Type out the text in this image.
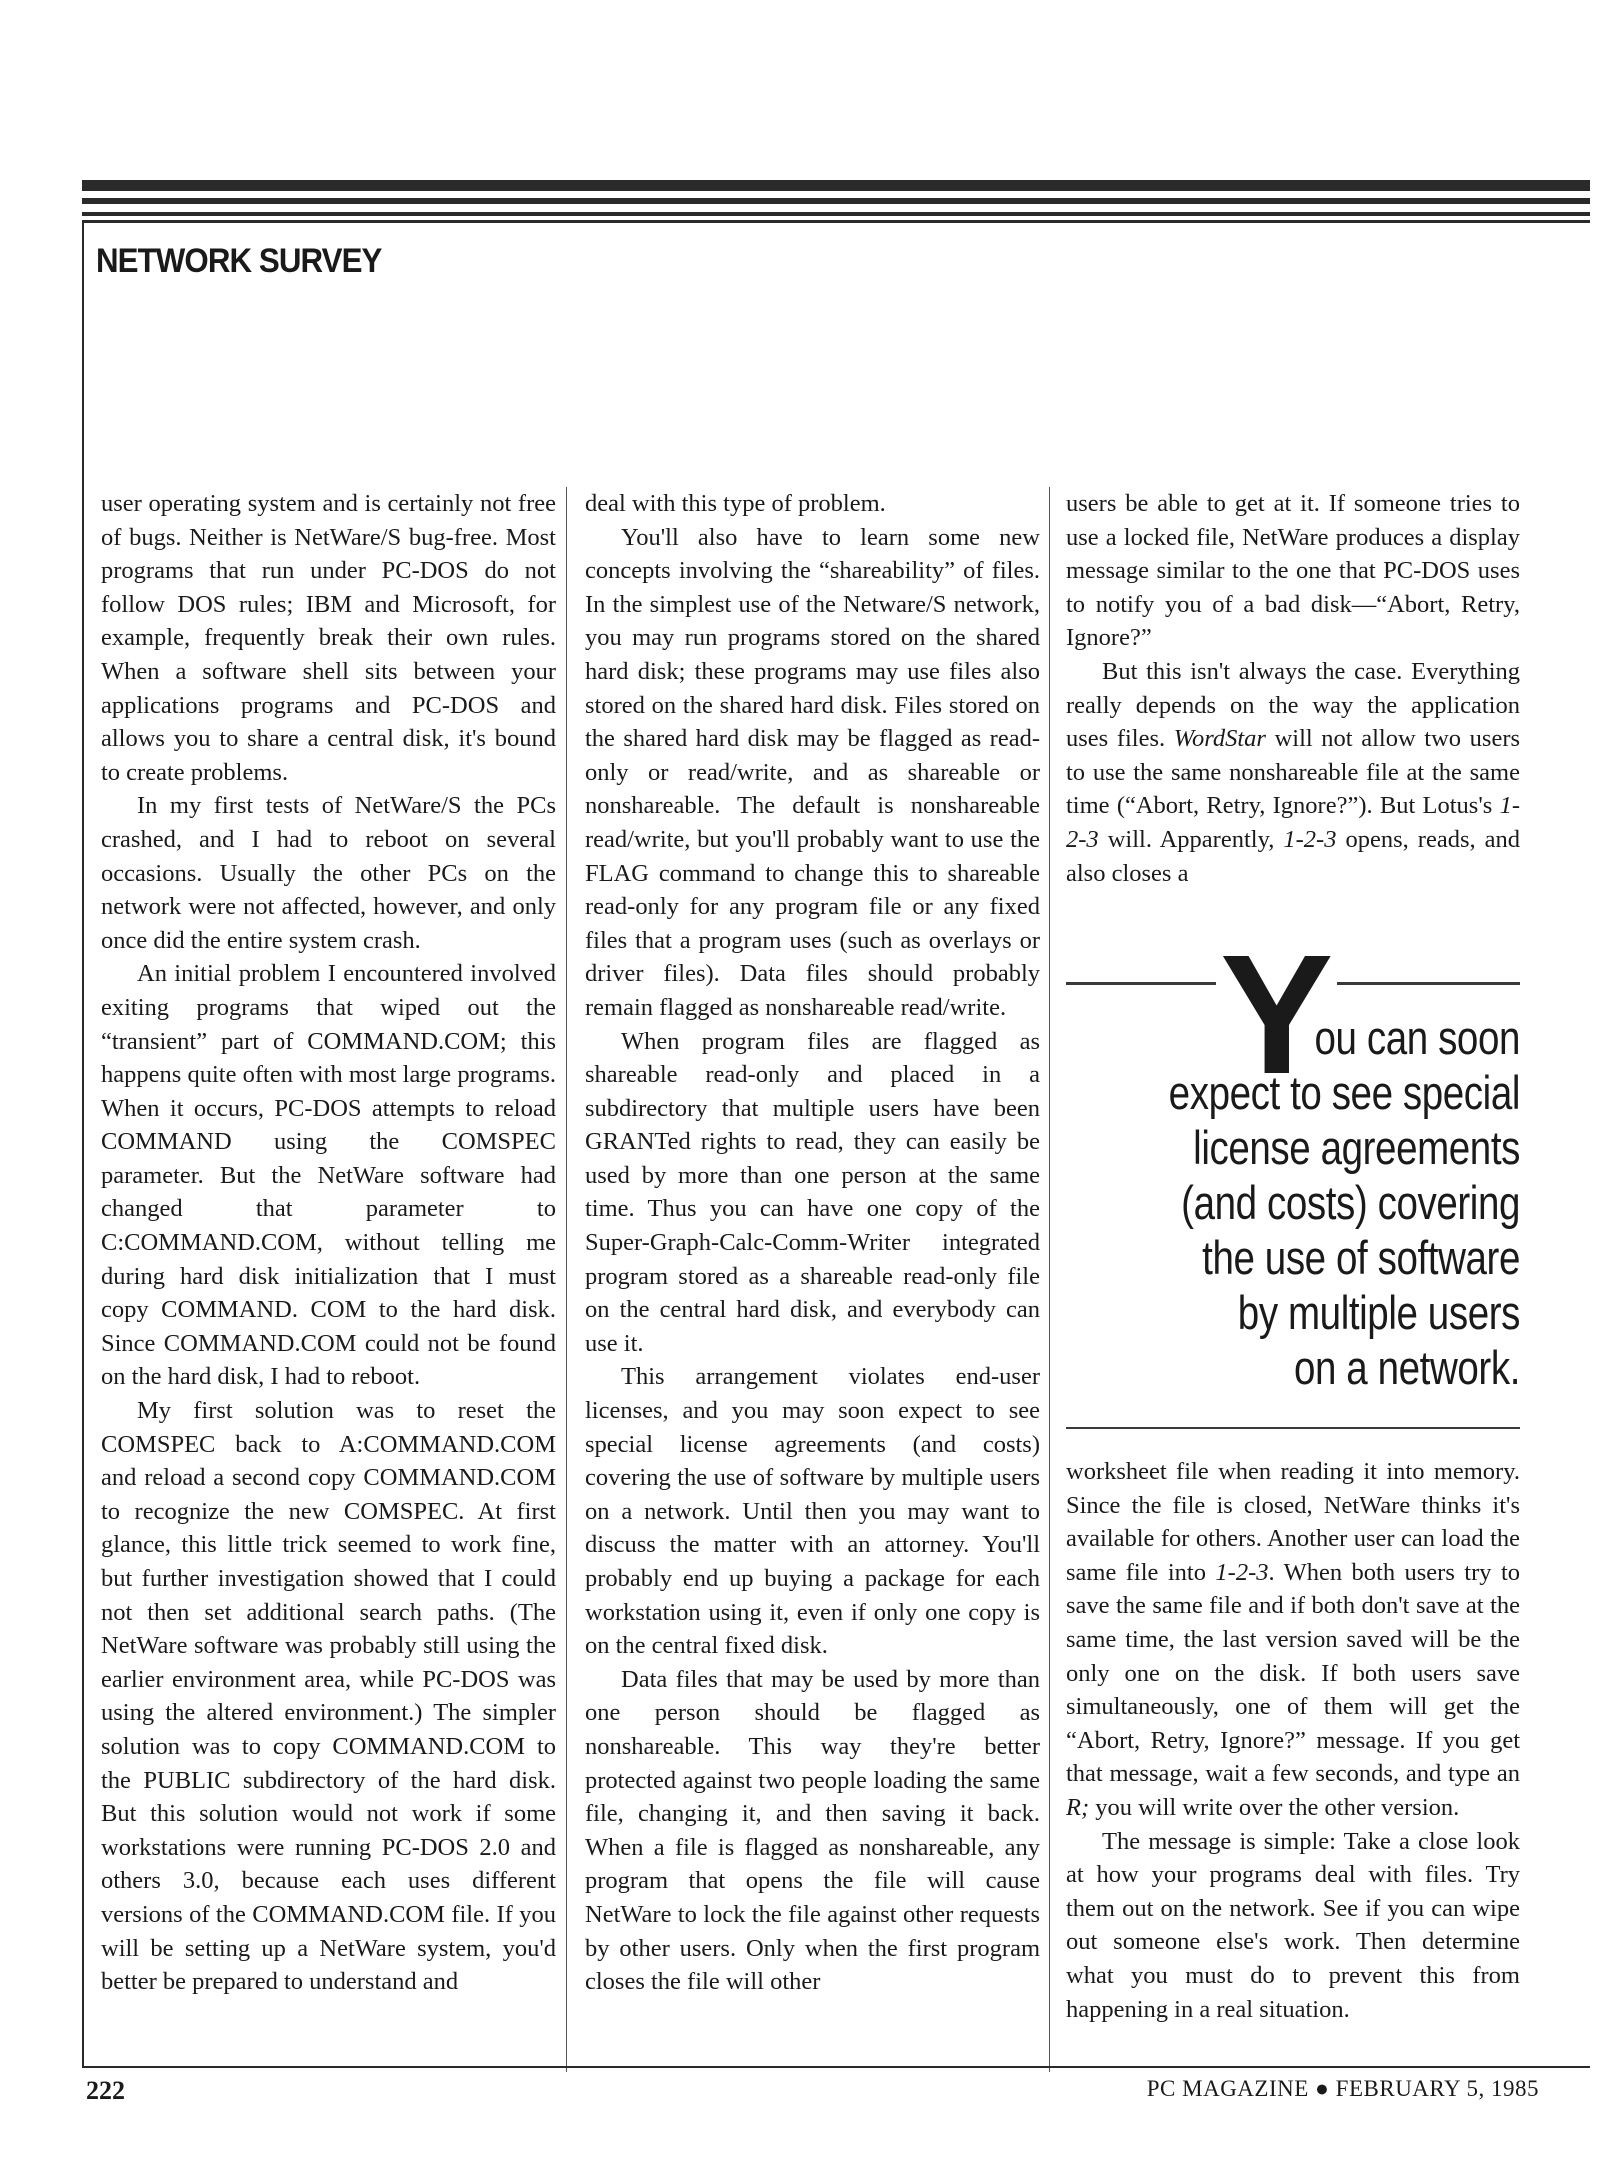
NETWORK SURVEY

user operating system and is certainly not free of bugs. Neither is NetWare/S bug-free. Most programs that run under PC-DOS do not follow DOS rules; IBM and Microsoft, for example, frequently break their own rules. When a software shell sits between your applications programs and PC-DOS and allows you to share a central disk, it's bound to create problems.

In my first tests of NetWare/S the PCs crashed, and I had to reboot on several occasions. Usually the other PCs on the network were not affected, however, and only once did the entire system crash.

An initial problem I encountered involved exiting programs that wiped out the “transient” part of COMMAND.COM; this happens quite often with most large programs. When it occurs, PC-DOS attempts to reload COMMAND using the COMSPEC parameter. But the NetWare software had changed that parameter to C:COMMAND.COM, without telling me during hard disk initialization that I must copy COMMAND. COM to the hard disk. Since COMMAND.COM could not be found on the hard disk, I had to reboot.

My first solution was to reset the COMSPEC back to A:COMMAND.COM and reload a second copy COMMAND.COM to recognize the new COMSPEC. At first glance, this little trick seemed to work fine, but further investigation showed that I could not then set additional search paths. (The NetWare software was probably still using the earlier environment area, while PC-DOS was using the altered environment.) The simpler solution was to copy COMMAND.COM to the PUBLIC subdirectory of the hard disk. But this solution would not work if some workstations were running PC-DOS 2.0 and others 3.0, because each uses different versions of the COMMAND.COM file. If you will be setting up a NetWare system, you'd better be prepared to understand and

deal with this type of problem.

You'll also have to learn some new concepts involving the “shareability” of files. In the simplest use of the Netware/S network, you may run programs stored on the shared hard disk; these programs may use files also stored on the shared hard disk. Files stored on the shared hard disk may be flagged as read-only or read/write, and as shareable or nonshareable. The default is nonshareable read/write, but you'll probably want to use the FLAG command to change this to shareable read-only for any program file or any fixed files that a program uses (such as overlays or driver files). Data files should probably remain flagged as nonshareable read/write.

When program files are flagged as shareable read-only and placed in a subdirectory that multiple users have been GRANTed rights to read, they can easily be used by more than one person at the same time. Thus you can have one copy of the Super-Graph-Calc-Comm-Writer integrated program stored as a shareable read-only file on the central hard disk, and everybody can use it.

This arrangement violates end-user licenses, and you may soon expect to see special license agreements (and costs) covering the use of software by multiple users on a network. Until then you may want to discuss the matter with an attorney. You'll probably end up buying a package for each workstation using it, even if only one copy is on the central fixed disk.

Data files that may be used by more than one person should be flagged as nonshareable. This way they're better protected against two people loading the same file, changing it, and then saving it back. When a file is flagged as nonshareable, any program that opens the file will cause NetWare to lock the file against other requests by other users. Only when the first program closes the file will other

users be able to get at it. If someone tries to use a locked file, NetWare produces a display message similar to the one that PC-DOS uses to notify you of a bad disk—“Abort, Retry, Ignore?”

But this isn't always the case. Everything really depends on the way the application uses files. WordStar will not allow two users to use the same nonshareable file at the same time (“Abort, Retry, Ignore?”). But Lotus's 1-2-3 will. Apparently, 1-2-3 opens, reads, and also closes a

Y
ou can soon
expect to see special
license agreements
(and costs) covering
the use of software
by multiple users
on a network.

worksheet file when reading it into memory. Since the file is closed, NetWare thinks it's available for others. Another user can load the same file into 1-2-3. When both users try to save the same file and if both don't save at the same time, the last version saved will be the only one on the disk. If both users save simultaneously, one of them will get the “Abort, Retry, Ignore?” message. If you get that message, wait a few seconds, and type an R; you will write over the other version.

The message is simple: Take a close look at how your programs deal with files. Try them out on the network. See if you can wipe out someone else's work. Then determine what you must do to prevent this from happening in a real situation.

222	PC MAGAZINE ● FEBRUARY 5, 1985
